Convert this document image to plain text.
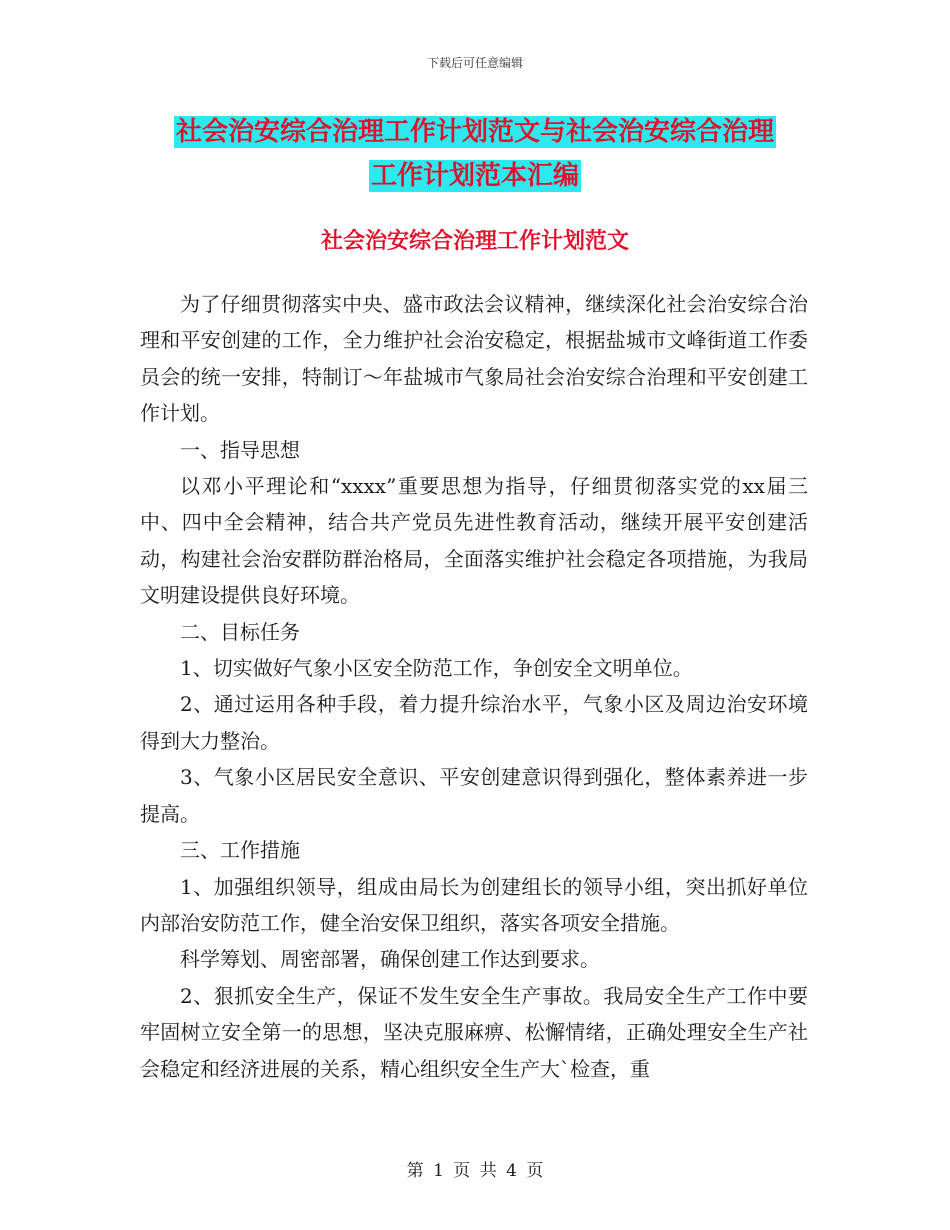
下载后可任意编辑
社会治安综合治理工作计划范文与社会治安综合治理
工作计划范本汇编
社会治安综合治理工作计划范文

为了仔细贯彻落实中央、盛市政法会议精神，继续深化社会治安综合治理和平安创建的工作，全力维护社会治安稳定，根据盐城市文峰街道工作委员会的统一安排，特制订～年盐城市气象局社会治安综合治理和平安创建工作计划。

一、指导思想

以邓小平理论和“xxxx”重要思想为指导，仔细贯彻落实党的xx届三中、四中全会精神，结合共产党员先进性教育活动，继续开展平安创建活动，构建社会治安群防群治格局，全面落实维护社会稳定各项措施，为我局文明建设提供良好环境。

二、目标任务

1、切实做好气象小区安全防范工作，争创安全文明单位。

2、通过运用各种手段，着力提升综治水平，气象小区及周边治安环境得到大力整治。

3、气象小区居民安全意识、平安创建意识得到强化，整体素养进一步提高。

三、工作措施

1、加强组织领导，组成由局长为创建组长的领导小组，突出抓好单位内部治安防范工作，健全治安保卫组织，落实各项安全措施。

科学筹划、周密部署，确保创建工作达到要求。

2、狠抓安全生产，保证不发生安全生产事故。我局安全生产工作中要牢固树立安全第一的思想，坚决克服麻痹、松懈情绪，正确处理安全生产社会稳定和经济进展的关系，精心组织安全生产大`检查，重

第 1 页 共 4 页
